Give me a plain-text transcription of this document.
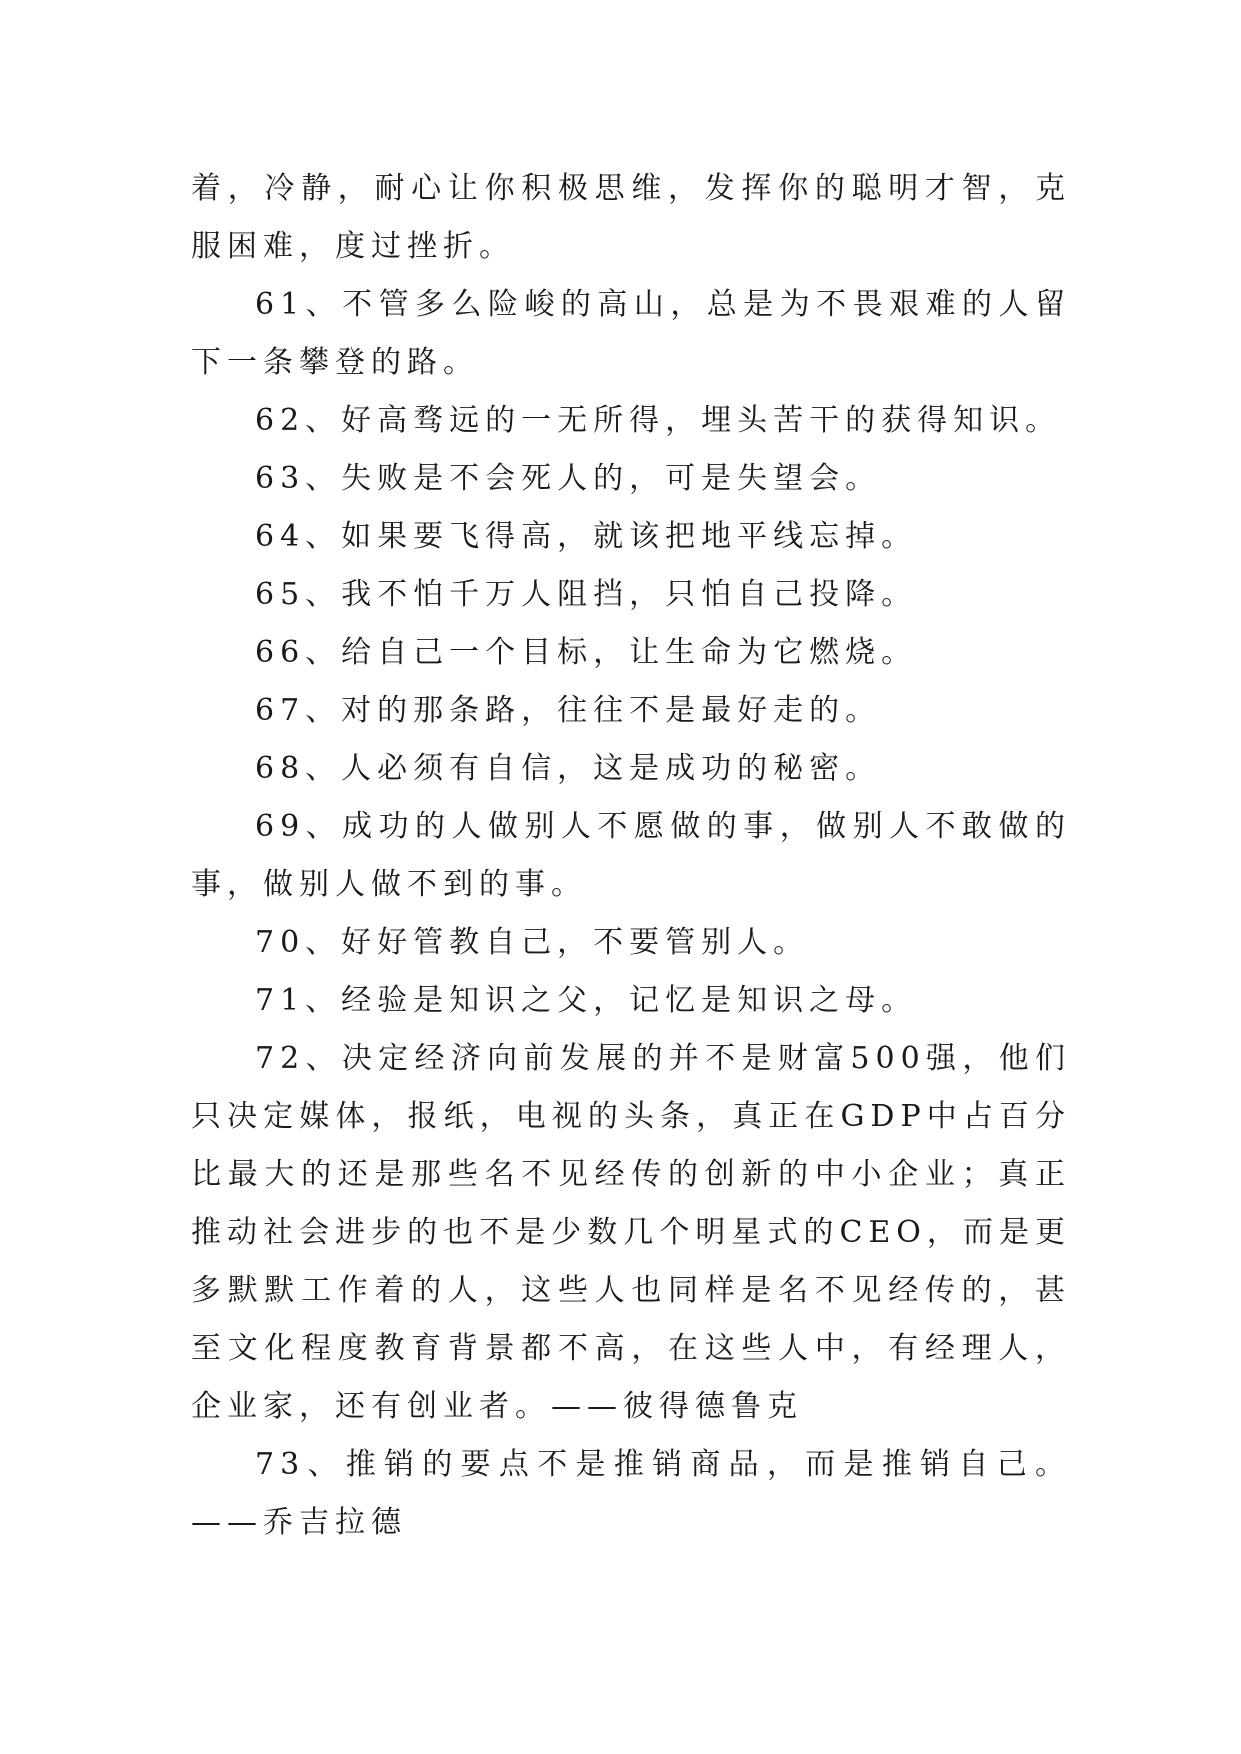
着，冷静，耐心让你积极思维，发挥你的聪明才智，克服困难，度过挫折。

61、不管多么险峻的高山，总是为不畏艰难的人留下一条攀登的路。

62、好高骛远的一无所得，埋头苦干的获得知识。

63、失败是不会死人的，可是失望会。

64、如果要飞得高，就该把地平线忘掉。

65、我不怕千万人阻挡，只怕自己投降。

66、给自己一个目标，让生命为它燃烧。

67、对的那条路，往往不是最好走的。

68、人必须有自信，这是成功的秘密。

69、成功的人做别人不愿做的事，做别人不敢做的事，做别人做不到的事。

70、好好管教自己，不要管别人。

71、经验是知识之父，记忆是知识之母。

72、决定经济向前发展的并不是财富500强，他们只决定媒体，报纸，电视的头条，真正在GDP中占百分比最大的还是那些名不见经传的创新的中小企业；真正推动社会进步的也不是少数几个明星式的CEO，而是更多默默工作着的人，这些人也同样是名不见经传的，甚至文化程度教育背景都不高，在这些人中，有经理人，企业家，还有创业者。——彼得德鲁克

73、推销的要点不是推销商品，而是推销自己。——乔吉拉德
